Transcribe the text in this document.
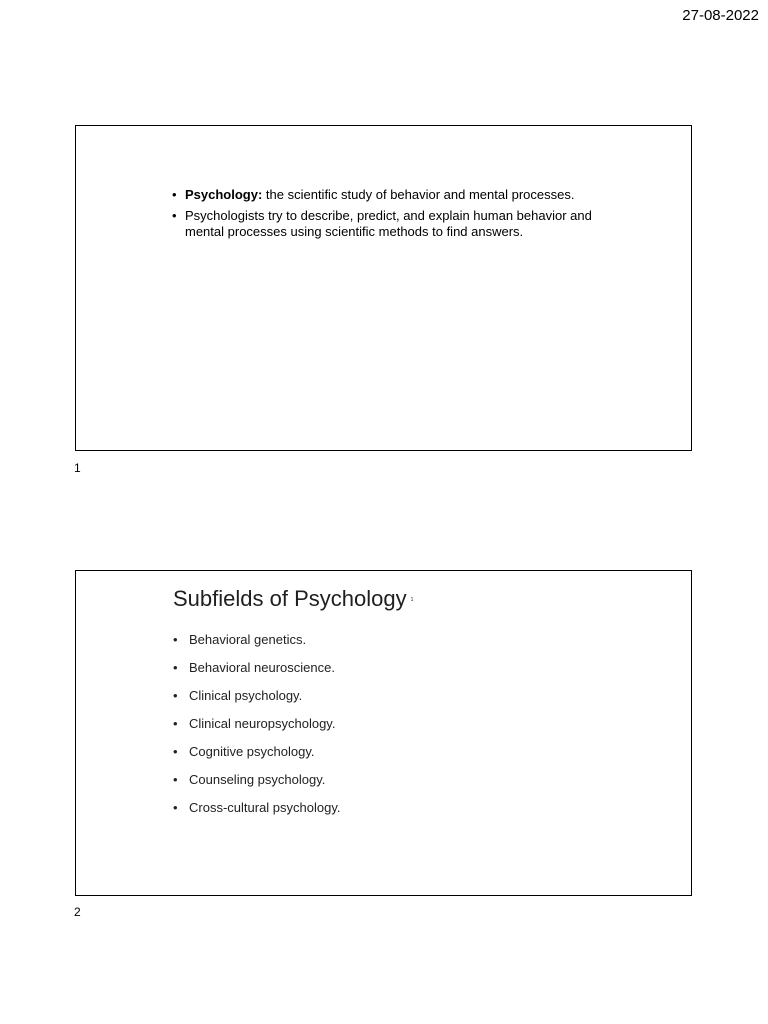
27-08-2022
• Psychology: the scientific study of behavior and mental processes.
• Psychologists try to describe, predict, and explain human behavior and mental processes using scientific methods to find answers.
1
Subfields of Psychology 1
• Behavioral genetics.
• Behavioral neuroscience.
• Clinical psychology.
• Clinical neuropsychology.
• Cognitive psychology.
• Counseling psychology.
• Cross-cultural psychology.
2
